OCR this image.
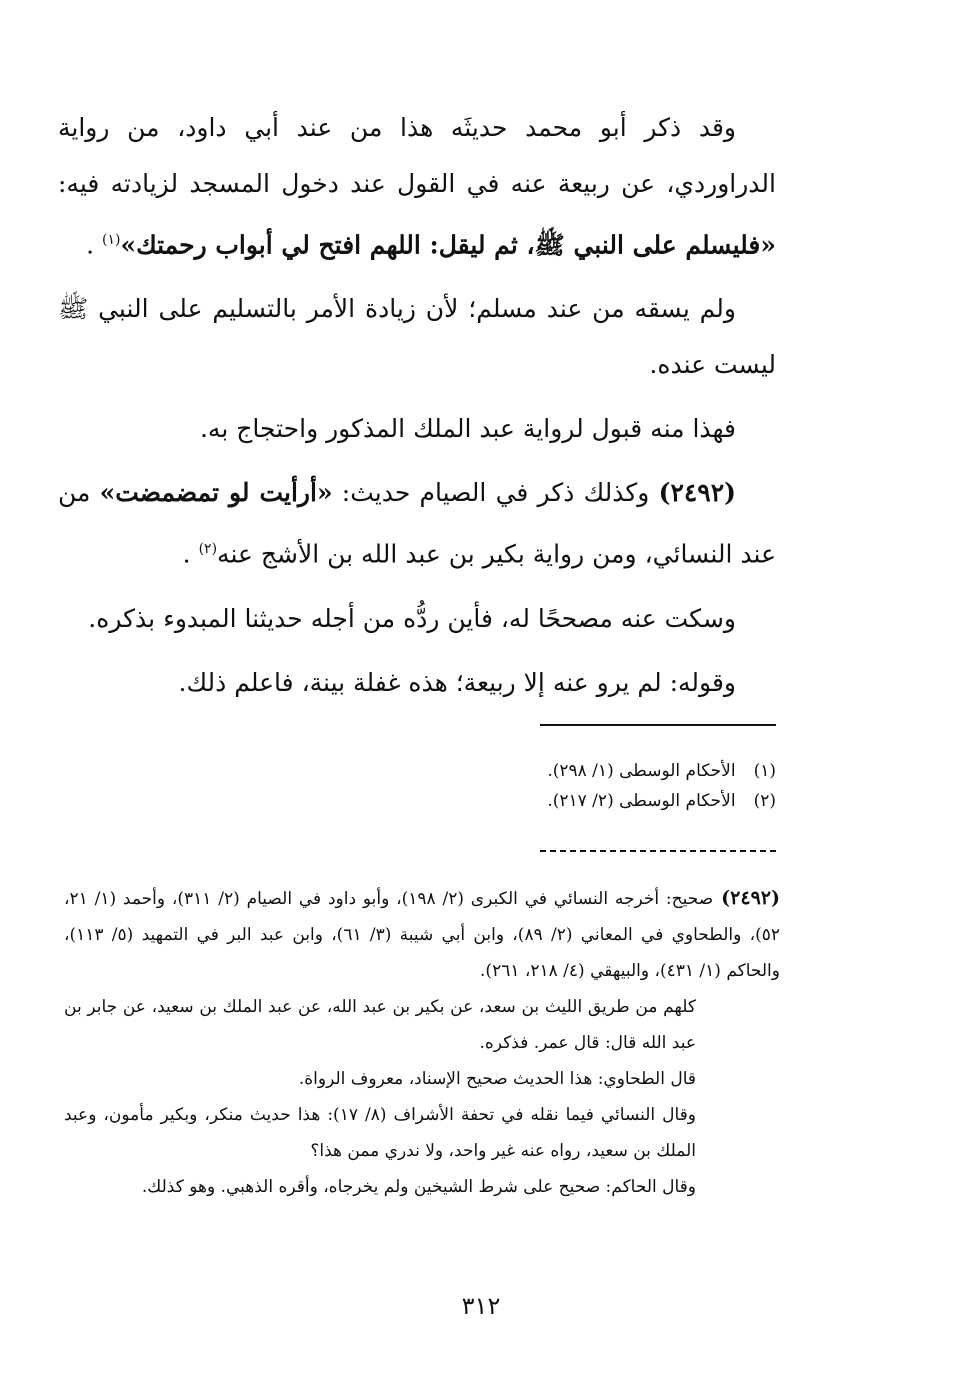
وقد ذكر أبو محمد حديثَه هذا من عند أبي داود، من رواية الدراوردي، عن ربيعة عنه في القول عند دخول المسجد لزيادته فيه: «فليسلم على النبي ﷺ، ثم ليقل: اللهم افتح لي أبواب رحمتك»$^{(١)}$ .

ولم يسقه من عند مسلم؛ لأن زيادة الأمر بالتسليم على النبي ﷺ ليست عنده.

فهذا منه قبول لرواية عبد الملك المذكور واحتجاج به.

(٢٤٩٢) وكذلك ذكر في الصيام حديث: «أرأيت لو تمضمضت» من عند النسائي، ومن رواية بكير بن عبد الله بن الأشج عنه$^{(٢)}$ .

وسكت عنه مصححًا له، فأين ردُّه من أجله حديثنا المبدوء بذكره.

وقوله: لم يرو عنه إلا ربيعة؛ هذه غفلة بينة، فاعلم ذلك.

(١)
الأحكام الوسطى (١/ ٢٩٨).
(٢)
الأحكام الوسطى (٢/ ٢١٧).
(٢٤٩٢)صحيح: أخرجه النسائي في الكبرى (٢/ ١٩٨)، وأبو داود في الصيام (٢/ ٣١١)، وأحمد (١/ ٢١، ٥٢)، والطحاوي في المعاني (٢/ ٨٩)، وابن أبي شيبة (٣/ ٦١)، وابن عبد البر في التمهيد (٥/ ١١٣)، والحاكم (١/ ٤٣١)، والبيهقي (٤/ ٢١٨، ٢٦١).

كلهم من طريق الليث بن سعد، عن بكير بن عبد الله، عن عبد الملك بن سعيد، عن جابر بن عبد الله قال: قال عمر. فذكره.

قال الطحاوي: هذا الحديث صحيح الإسناد، معروف الرواة.

وقال النسائي فيما نقله في تحفة الأشراف (٨/ ١٧): هذا حديث منكر، وبكير مأمون، وعبد الملك بن سعيد، رواه عنه غير واحد، ولا ندري ممن هذا؟

وقال الحاكم: صحيح على شرط الشيخين ولم يخرجاه، وأقره الذهبي. وهو كذلك.

٣١٢
